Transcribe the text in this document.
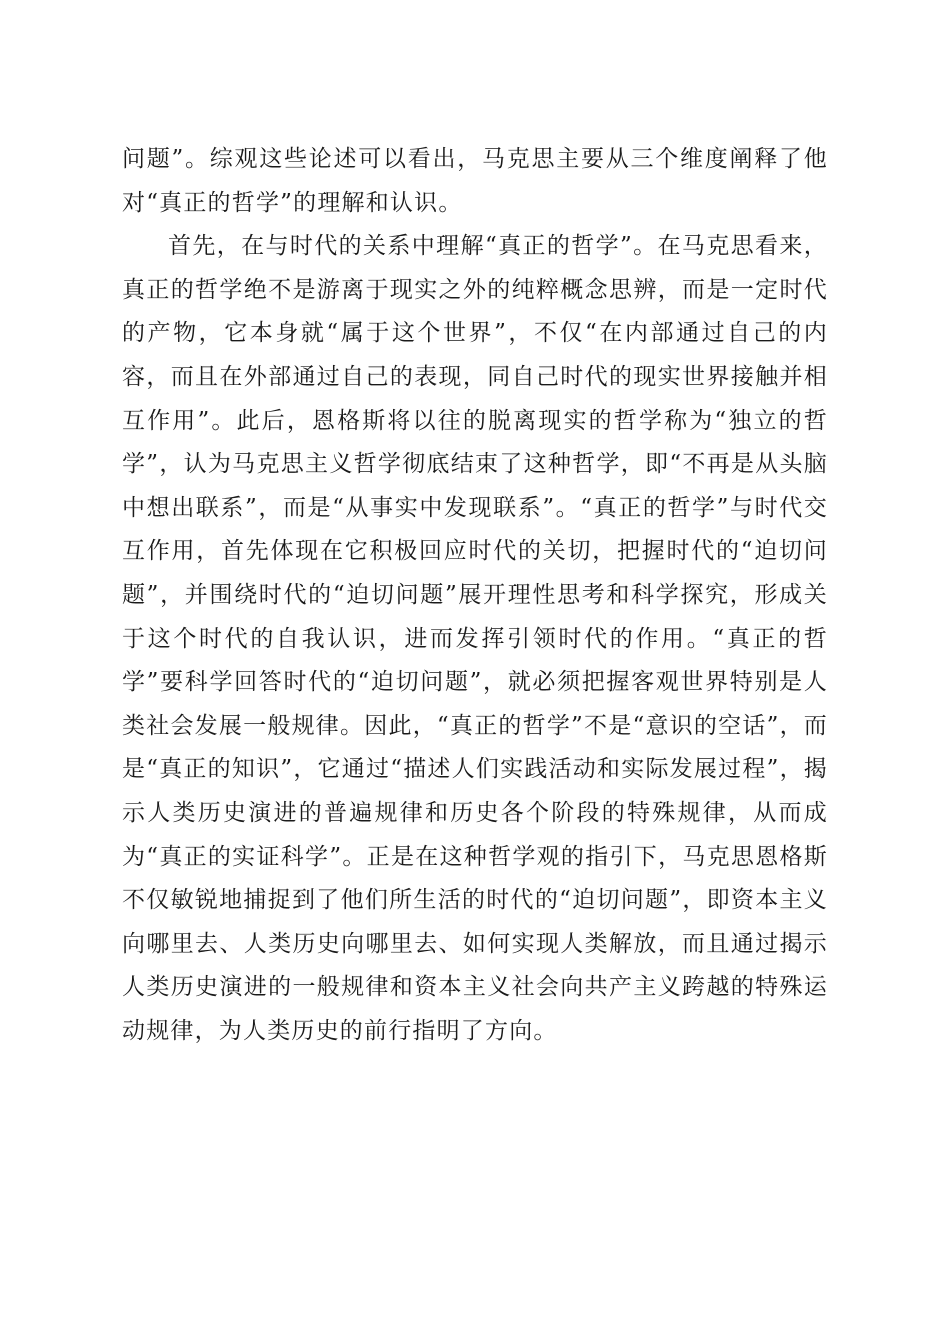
问题”。综观这些论述可以看出，马克思主要从三个维度阐释了他对“真正的哲学”的理解和认识。

首先，在与时代的关系中理解“真正的哲学”。在马克思看来，真正的哲学绝不是游离于现实之外的纯粹概念思辨，而是一定时代的产物，它本身就“属于这个世界”，不仅“在内部通过自己的内容，而且在外部通过自己的表现，同自己时代的现实世界接触并相互作用”。此后，恩格斯将以往的脱离现实的哲学称为“独立的哲学”，认为马克思主义哲学彻底结束了这种哲学，即“不再是从头脑中想出联系”，而是“从事实中发现联系”。“真正的哲学”与时代交互作用，首先体现在它积极回应时代的关切，把握时代的“迫切问题”，并围绕时代的“迫切问题”展开理性思考和科学探究，形成关于这个时代的自我认识，进而发挥引领时代的作用。“真正的哲学”要科学回答时代的“迫切问题”，就必须把握客观世界特别是人类社会发展一般规律。因此，“真正的哲学”不是“意识的空话”，而是“真正的知识”，它通过“描述人们实践活动和实际发展过程”，揭示人类历史演进的普遍规律和历史各个阶段的特殊规律，从而成为“真正的实证科学”。正是在这种哲学观的指引下，马克思恩格斯不仅敏锐地捕捉到了他们所生活的时代的“迫切问题”，即资本主义向哪里去、人类历史向哪里去、如何实现人类解放，而且通过揭示人类历史演进的一般规律和资本主义社会向共产主义跨越的特殊运动规律，为人类历史的前行指明了方向。
